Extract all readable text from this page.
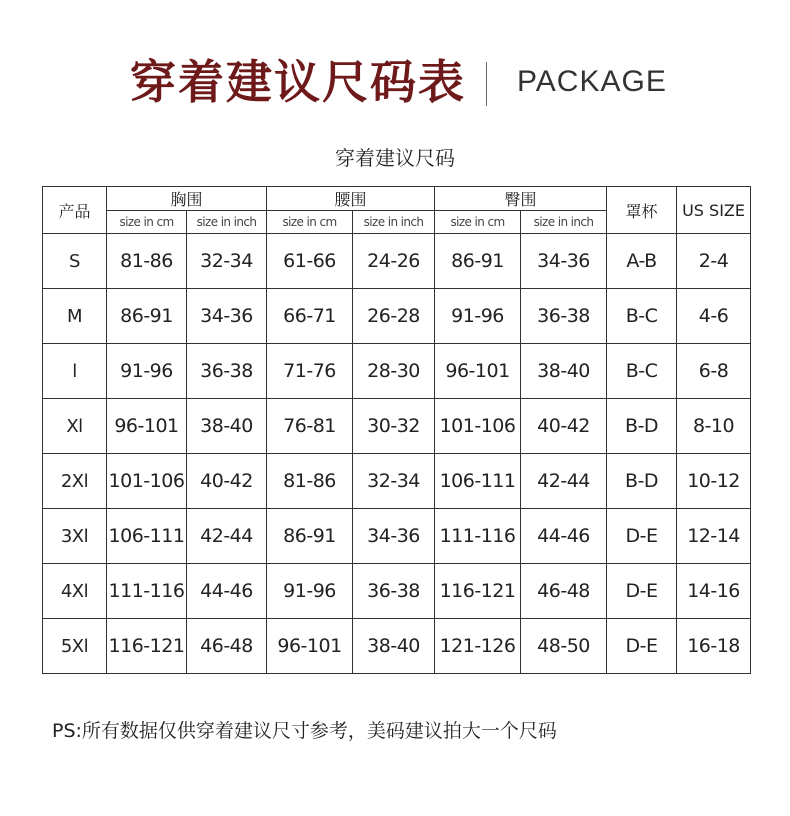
穿着建议尺码表 PACKAGE
穿着建议尺码
产品	胸围		腰围		臀围		罩杯	US SIZE
	size in cm	size in inch	size in cm	size in inch	size in cm	size in inch		
S	81-86	32-34	61-66	24-26	86-91	34-36	A-B	2-4
M	86-91	34-36	66-71	26-28	91-96	36-38	B-C	4-6
l	91-96	36-38	71-76	28-30	96-101	38-40	B-C	6-8
Xl	96-101	38-40	76-81	30-32	101-106	40-42	B-D	8-10
2Xl	101-106	40-42	81-86	32-34	106-111	42-44	B-D	10-12
3Xl	106-111	42-44	86-91	34-36	111-116	44-46	D-E	12-14
4Xl	111-116	44-46	91-96	36-38	116-121	46-48	D-E	14-16
5Xl	116-121	46-48	96-101	38-40	121-126	48-50	D-E	16-18
PS:所有数据仅供穿着建议尺寸参考，美码建议拍大一个尺码
